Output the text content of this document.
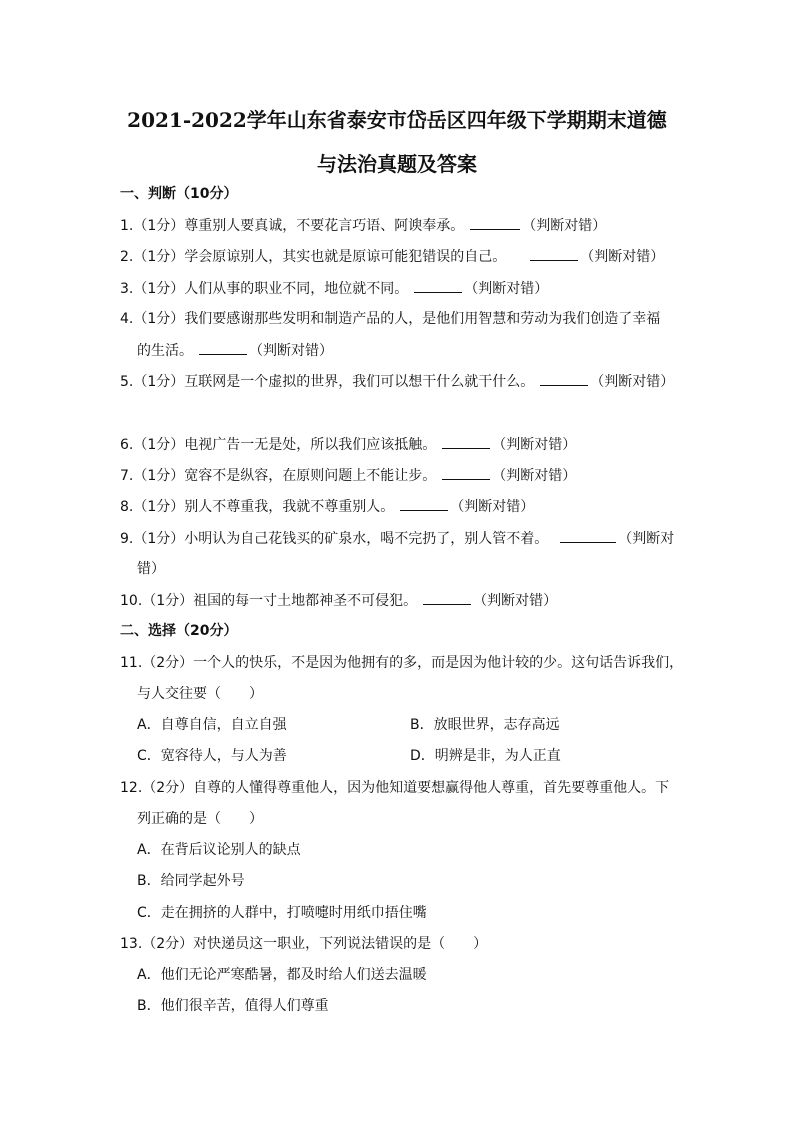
2021-2022学年山东省泰安市岱岳区四年级下学期期末道德
与法治真题及答案
一、判断（10分）
1.（1分）尊重别人要真诚，不要花言巧语、阿谀奉承。	（判断对错）
2.（1分）学会原谅别人，其实也就是原谅可能犯错误的自己。	（判断对错）
3.（1分）人们从事的职业不同，地位就不同。	（判断对错）
4.（1分）我们要感谢那些发明和制造产品的人，是他们用智慧和劳动为我们创造了幸福
的生活。	（判断对错）
5.（1分）互联网是一个虚拟的世界，我们可以想干什么就干什么。	（判断对错）
6.（1分）电视广告一无是处，所以我们应该抵触。	（判断对错）
7.（1分）宽容不是纵容，在原则问题上不能让步。	（判断对错）
8.（1分）别人不尊重我，我就不尊重别人。	（判断对错）
9.（1分）小明认为自己花钱买的矿泉水，喝不完扔了，别人管不着。	（判断对
错）
10.（1分）祖国的每一寸土地都神圣不可侵犯。	（判断对错）
二、选择（20分）
11.（2分）一个人的快乐，不是因为他拥有的多，而是因为他计较的少。这句话告诉我们，
与人交往要（　　）
A．自尊自信，自立自强	B．放眼世界，志存高远
C．宽容待人，与人为善	D．明辨是非，为人正直
12.（2分）自尊的人懂得尊重他人，因为他知道要想赢得他人尊重，首先要尊重他人。下
列正确的是（　　）
A．在背后议论别人的缺点
B．给同学起外号
C．走在拥挤的人群中，打喷嚏时用纸巾捂住嘴
13.（2分）对快递员这一职业，下列说法错误的是（　　）
A．他们无论严寒酷暑，都及时给人们送去温暖
B．他们很辛苦，值得人们尊重
